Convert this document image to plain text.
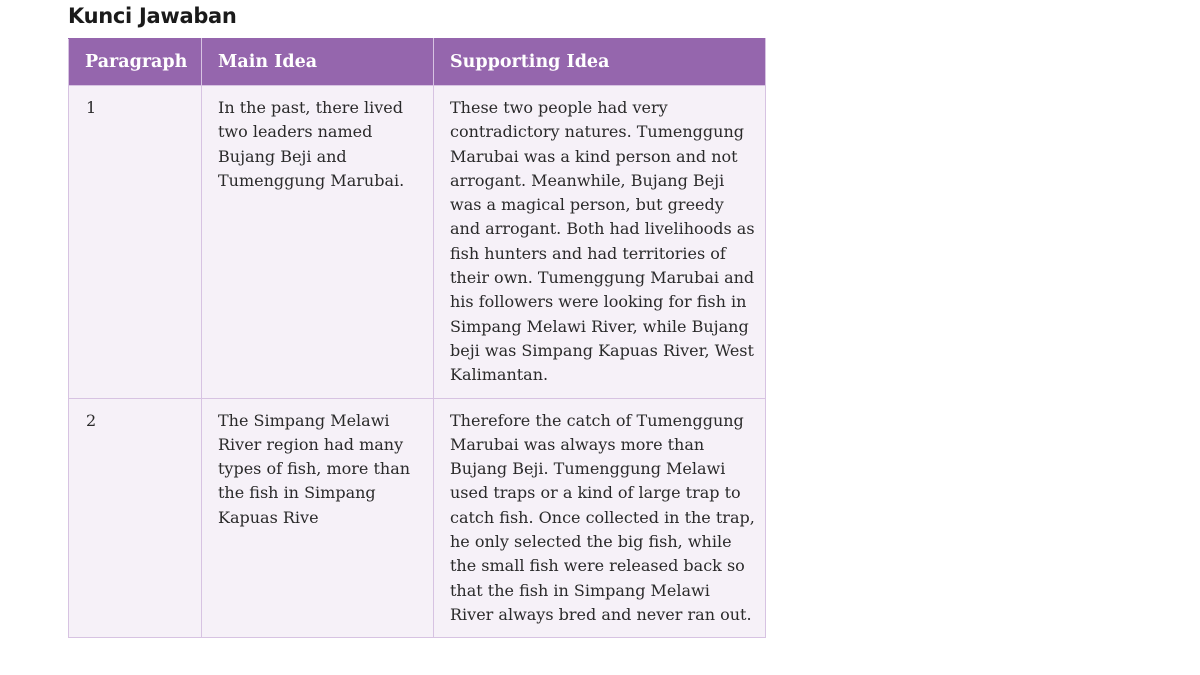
Kunci Jawaban
Paragraph	Main Idea	Supporting Idea
1	In the past, there lived two leaders named Bujang Beji and Tumenggung Marubai.	These two people had very contradictory natures. Tumenggung Marubai was a kind person and not arrogant. Meanwhile, Bujang Beji was a magical person, but greedy and arrogant. Both had livelihoods as fish hunters and had territories of their own. Tumenggung Marubai and his followers were looking for fish in Simpang Melawi River, while Bujang beji was Simpang Kapuas River, West Kalimantan.
2	The Simpang Melawi River region had many types of fish, more than the fish in Simpang Kapuas Rive	Therefore the catch of Tumenggung Marubai was always more than Bujang Beji. Tumenggung Melawi used traps or a kind of large trap to catch fish. Once collected in the trap, he only selected the big fish, while the small fish were released back so that the fish in Simpang Melawi River always bred and never ran out.
